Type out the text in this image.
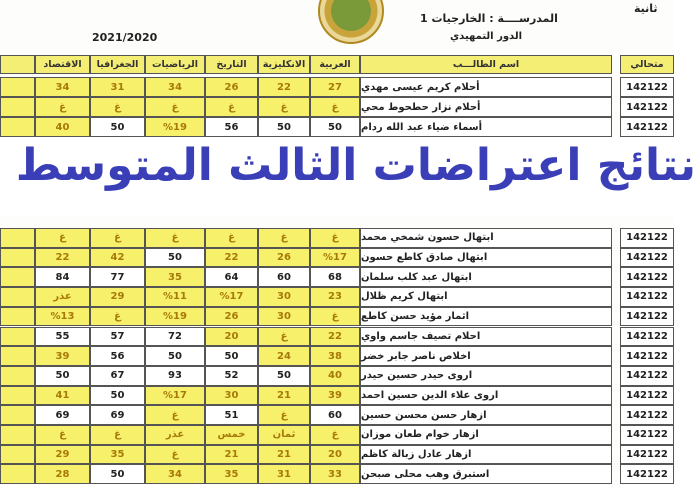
ثانية
المدرســــة : الخارجيات 1
الدور التمهيدي
2021/2020
الاقتصاد	الجغرافيا	الرياضيات	التاريخ	الانكليزية	العربية	اسم الطالـــب	متحالي
34	31	34	26	22	27	أحلام كريم عيسى مهدي	142122
غ	غ	غ	غ	غ	غ	أحلام نزار حطحوط محي	142122
40	50	%19	56	50	50	أسماء ضياء عبد الله ردام	142122
غ	غ	غ	غ	غ	غ	ابتهال حسون شمخي محمد	142122
22	42	50	22	26	%17	ابتهال صادق كاطع حسون	142122
84	77	35	64	60	68	ابتهال عبد كلب سلمان	142122
عذر	29	%11	%17	30	23	ابتهال كريم ظلال	142122
%13	غ	%19	26	30	غ	اثمار مؤيد حسن كاطع	142122
55	57	72	20	غ	22	احلام تصيف جاسم واوي	142122
39	56	50	50	24	38	اخلاص ناصر جابر خضر	142122
50	67	93	52	50	40	اروى حيدر حسين حيدر	142122
41	50	%17	30	21	39	اروى علاء الدين حسين احمد	142122
69	69	غ	51	غ	60	ازهار حسن محسن حسين	142122
غ	غ	عذر	خمس	ثمان	غ	ازهار خوام طعان موزان	142122
29	35	غ	21	21	20	ازهار عادل زبالة كاظم	142122
28	50	34	35	31	33	استبرق وهب محلى صبحن	142122
نتائج اعتراضات الثالث المتوسط
